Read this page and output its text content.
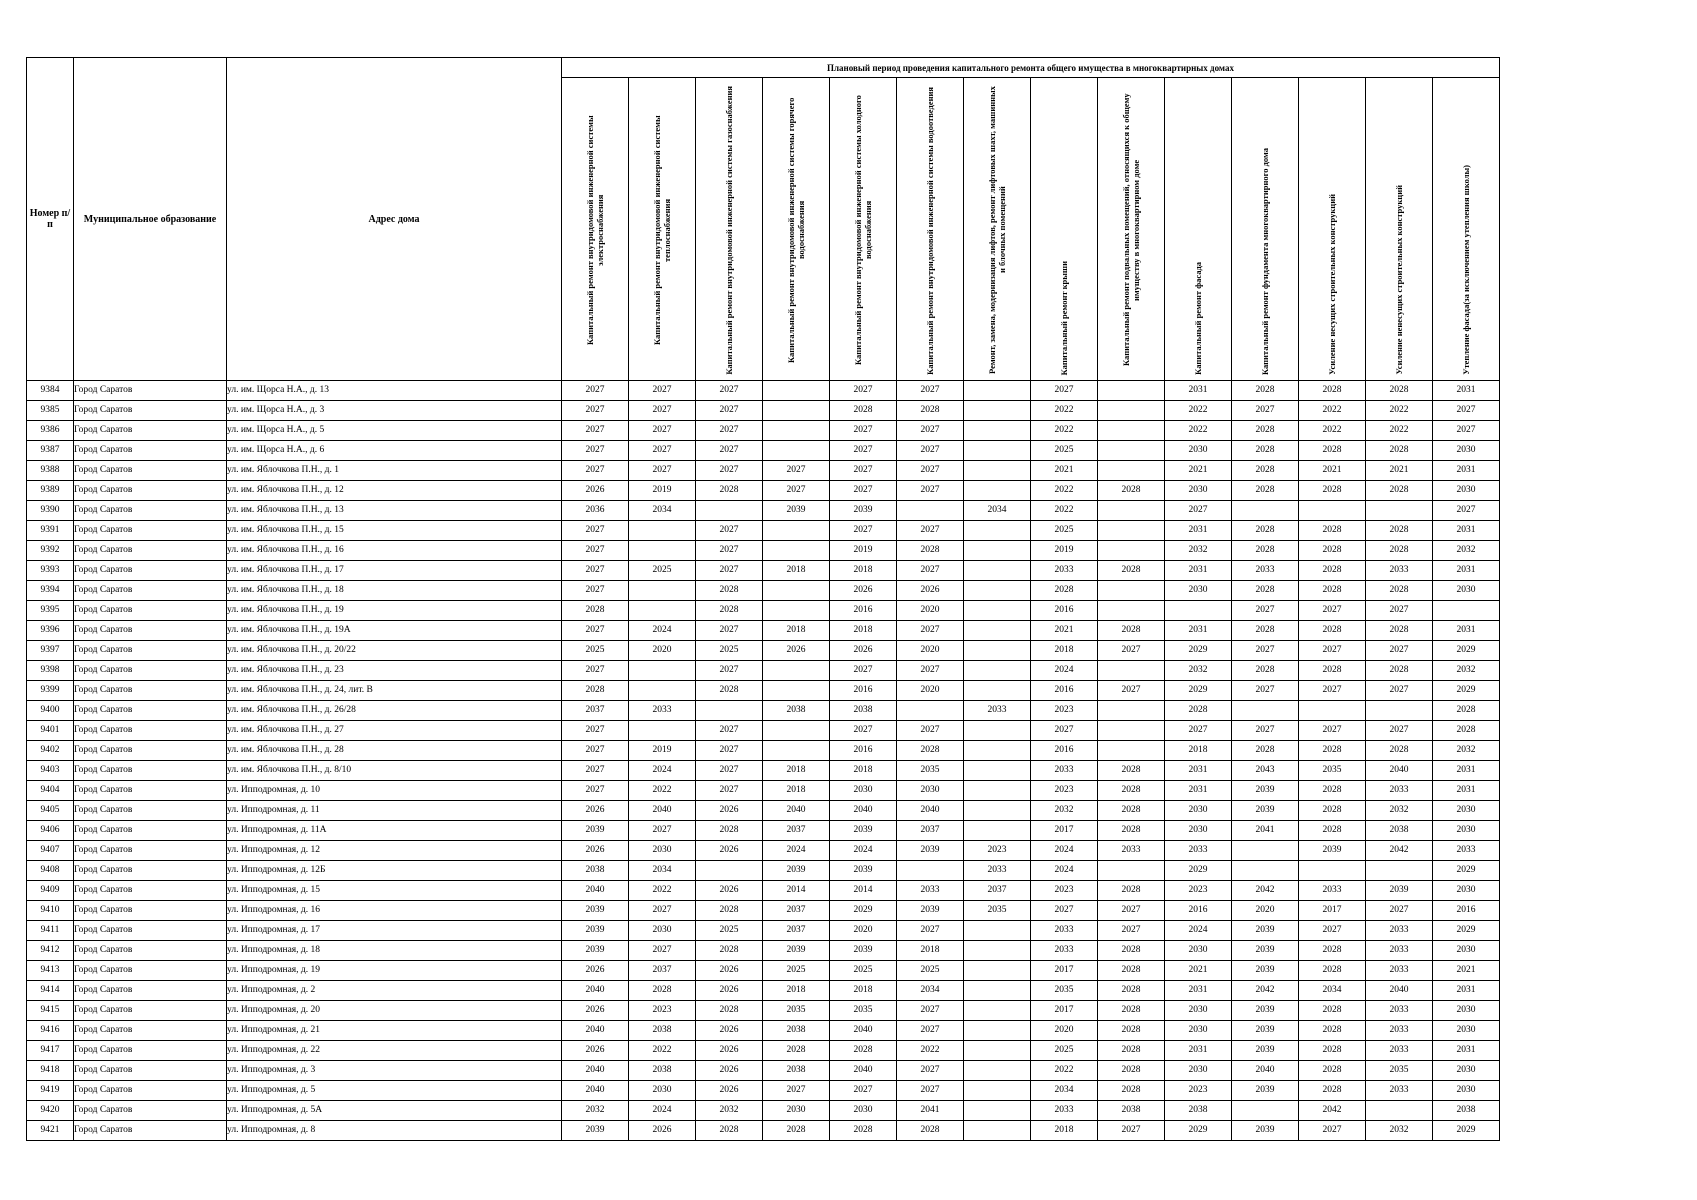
Номер п/п	Муниципальное образование	Адрес дома	Плановый период проведения капитального ремонта общего имущества в многоквартирных домах													
			Капитальный ремонт внутридомовой инженерной системы электроснабжения	Капитальный ремонт внутридомовой инженерной системы теплоснабжения	Капитальный ремонт внутридомовой инженерной системы газоснабжения	Капитальный ремонт внутридомовой инженерной системы горячего водоснабжения	Капитальный ремонт внутридомовой инженерной системы холодного водоснабжения	Капитальный ремонт внутридомовой инженерной системы водоотведения	Ремонт, замена, модернизация лифтов, ремонт лифтовых шахт, машинных и блочных помещений	Капитальный ремонт крыши	Капитальный ремонт подвальных помещений, относящихся к общему имуществу в многоквартирном доме	Капитальный ремонт фасада	Капитальный ремонт фундамента многоквартирного дома	Усиление несущих строительных конструкций	Усиление ненесущих строительных конструкций	Утепление фасада(за исключением утепления школы)
9384	Город Саратов	ул. им. Щорса Н.А., д. 13	2027	2027	2027		2027	2027		2027		2031	2028	2028	2028	2031
9385	Город Саратов	ул. им. Щорса Н.А., д. 3	2027	2027	2027		2028	2028		2022		2022	2027	2022	2022	2027
9386	Город Саратов	ул. им. Щорса Н.А., д. 5	2027	2027	2027		2027	2027		2022		2022	2028	2022	2022	2027
9387	Город Саратов	ул. им. Щорса Н.А., д. 6	2027	2027	2027		2027	2027		2025		2030	2028	2028	2028	2030
9388	Город Саратов	ул. им. Яблочкова П.Н., д. 1	2027	2027	2027	2027	2027	2027		2021		2021	2028	2021	2021	2031
9389	Город Саратов	ул. им. Яблочкова П.Н., д. 12	2026	2019	2028	2027	2027	2027		2022	2028	2030	2028	2028	2028	2030
9390	Город Саратов	ул. им. Яблочкова П.Н., д. 13	2036	2034		2039	2039		2034	2022		2027				2027
9391	Город Саратов	ул. им. Яблочкова П.Н., д. 15	2027		2027		2027	2027		2025		2031	2028	2028	2028	2031
9392	Город Саратов	ул. им. Яблочкова П.Н., д. 16	2027		2027		2019	2028		2019		2032	2028	2028	2028	2032
9393	Город Саратов	ул. им. Яблочкова П.Н., д. 17	2027	2025	2027	2018	2018	2027		2033	2028	2031	2033	2028	2033	2031
9394	Город Саратов	ул. им. Яблочкова П.Н., д. 18	2027		2028		2026	2026		2028		2030	2028	2028	2028	2030
9395	Город Саратов	ул. им. Яблочкова П.Н., д. 19	2028		2028		2016	2020		2016			2027	2027	2027	
9396	Город Саратов	ул. им. Яблочкова П.Н., д. 19А	2027	2024	2027	2018	2018	2027		2021	2028	2031	2028	2028	2028	2031
9397	Город Саратов	ул. им. Яблочкова П.Н., д. 20/22	2025	2020	2025	2026	2026	2020		2018	2027	2029	2027	2027	2027	2029
9398	Город Саратов	ул. им. Яблочкова П.Н., д. 23	2027		2027		2027	2027		2024		2032	2028	2028	2028	2032
9399	Город Саратов	ул. им. Яблочкова П.Н., д. 24, лит. В	2028		2028		2016	2020		2016	2027	2029	2027	2027	2027	2029
9400	Город Саратов	ул. им. Яблочкова П.Н., д. 26/28	2037	2033		2038	2038		2033	2023		2028				2028
9401	Город Саратов	ул. им. Яблочкова П.Н., д. 27	2027		2027		2027	2027		2027		2027	2027	2027	2027	2028
9402	Город Саратов	ул. им. Яблочкова П.Н., д. 28	2027	2019	2027		2016	2028		2016		2018	2028	2028	2028	2032
9403	Город Саратов	ул. им. Яблочкова П.Н., д. 8/10	2027	2024	2027	2018	2018	2035		2033	2028	2031	2043	2035	2040	2031
9404	Город Саратов	ул. Ипподромная, д. 10	2027	2022	2027	2018	2030	2030		2023	2028	2031	2039	2028	2033	2031
9405	Город Саратов	ул. Ипподромная, д. 11	2026	2040	2026	2040	2040	2040		2032	2028	2030	2039	2028	2032	2030
9406	Город Саратов	ул. Ипподромная, д. 11А	2039	2027	2028	2037	2039	2037		2017	2028	2030	2041	2028	2038	2030
9407	Город Саратов	ул. Ипподромная, д. 12	2026	2030	2026	2024	2024	2039	2023	2024	2033	2033		2039	2042	2033
9408	Город Саратов	ул. Ипподромная, д. 12Б	2038	2034		2039	2039		2033	2024		2029				2029
9409	Город Саратов	ул. Ипподромная, д. 15	2040	2022	2026	2014	2014	2033	2037	2023	2028	2023	2042	2033	2039	2030
9410	Город Саратов	ул. Ипподромная, д. 16	2039	2027	2028	2037	2029	2039	2035	2027	2027	2016	2020	2017	2027	2016
9411	Город Саратов	ул. Ипподромная, д. 17	2039	2030	2025	2037	2020	2027		2033	2027	2024	2039	2027	2033	2029
9412	Город Саратов	ул. Ипподромная, д. 18	2039	2027	2028	2039	2039	2018		2033	2028	2030	2039	2028	2033	2030
9413	Город Саратов	ул. Ипподромная, д. 19	2026	2037	2026	2025	2025	2025		2017	2028	2021	2039	2028	2033	2021
9414	Город Саратов	ул. Ипподромная, д. 2	2040	2028	2026	2018	2018	2034		2035	2028	2031	2042	2034	2040	2031
9415	Город Саратов	ул. Ипподромная, д. 20	2026	2023	2028	2035	2035	2027		2017	2028	2030	2039	2028	2033	2030
9416	Город Саратов	ул. Ипподромная, д. 21	2040	2038	2026	2038	2040	2027		2020	2028	2030	2039	2028	2033	2030
9417	Город Саратов	ул. Ипподромная, д. 22	2026	2022	2026	2028	2028	2022		2025	2028	2031	2039	2028	2033	2031
9418	Город Саратов	ул. Ипподромная, д. 3	2040	2038	2026	2038	2040	2027		2022	2028	2030	2040	2028	2035	2030
9419	Город Саратов	ул. Ипподромная, д. 5	2040	2030	2026	2027	2027	2027		2034	2028	2023	2039	2028	2033	2030
9420	Город Саратов	ул. Ипподромная, д. 5А	2032	2024	2032	2030	2030	2041		2033	2038	2038		2042		2038
9421	Город Саратов	ул. Ипподромная, д. 8	2039	2026	2028	2028	2028	2028		2018	2027	2029	2039	2027	2032	2029
